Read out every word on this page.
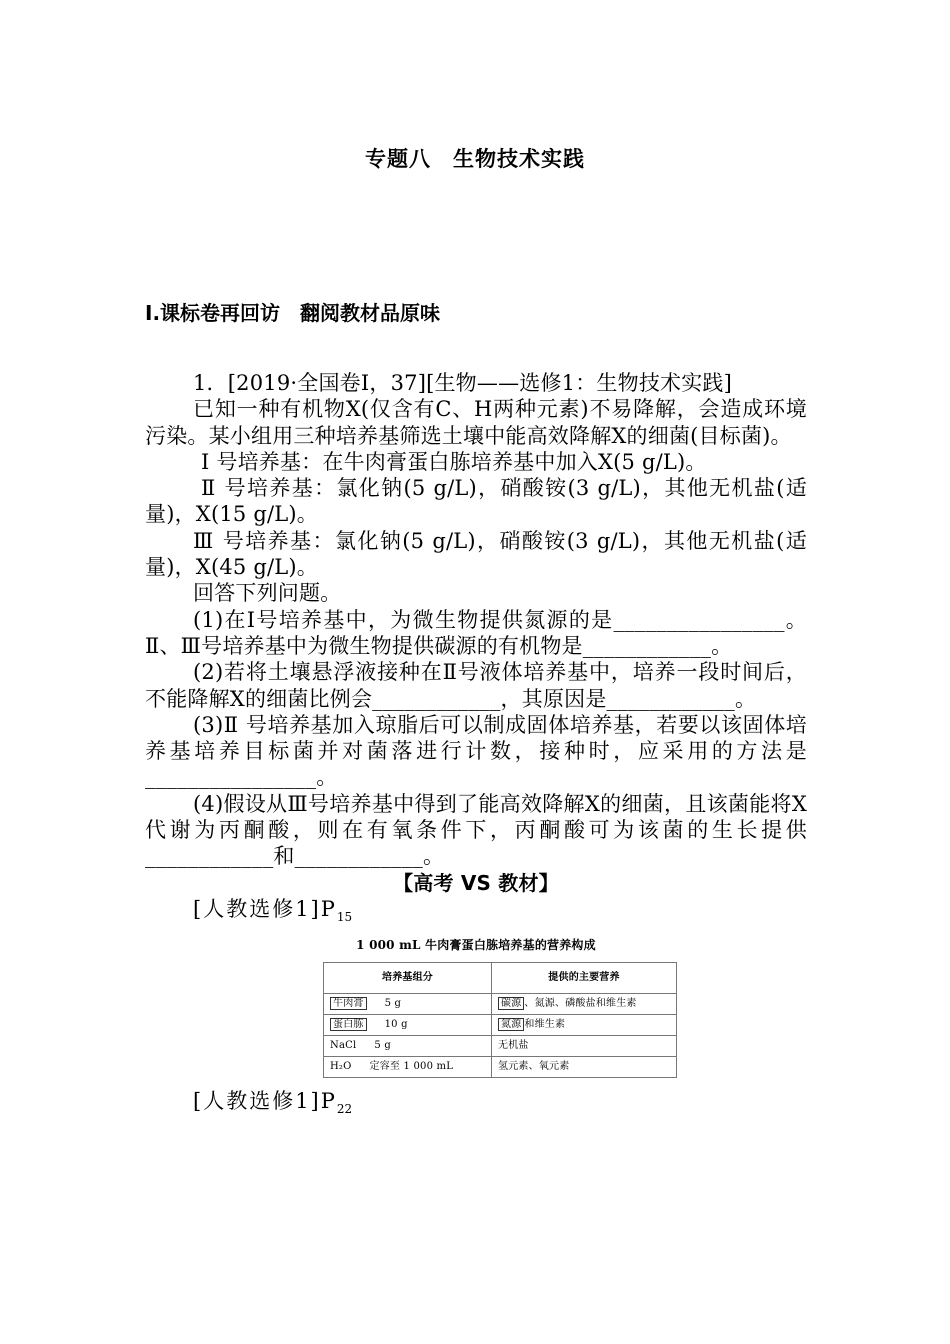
专题八　生物技术实践
Ⅰ.课标卷再回访　翻阅教材品原味

1．[2019·全国卷Ⅰ，37][生物——选修1：生物技术实践]

已知一种有机物X(仅含有C、H两种元素)不易降解，会造成环境污染。某小组用三种培养基筛选土壤中能高效降解X的细菌(目标菌)。

Ⅰ 号培养基：在牛肉膏蛋白胨培养基中加入X(5 g/L)。

Ⅱ 号培养基：氯化钠(5 g/L)，硝酸铵(3 g/L)，其他无机盐(适量)，X(15 g/L)。

Ⅲ 号培养基：氯化钠(5 g/L)，硝酸铵(3 g/L)，其他无机盐(适量)，X(45 g/L)。

回答下列问题。

(1)在Ⅰ号培养基中，为微生物提供氮源的是________________。Ⅱ、Ⅲ号培养基中为微生物提供碳源的有机物是____________。

(2)若将土壤悬浮液接种在Ⅱ号液体培养基中，培养一段时间后，不能降解X的细菌比例会____________，其原因是____________。

(3)Ⅱ 号培养基加入琼脂后可以制成固体培养基，若要以该固体培养基培养目标菌并对菌落进行计数，接种时，应采用的方法是________________。

(4)假设从Ⅲ号培养基中得到了能高效降解X的细菌，且该菌能将X代谢为丙酮酸，则在有氧条件下，丙酮酸可为该菌的生长提供____________和____________。

【高考 VS 教材】

[人教选修$1]P_{15}$

1 000 mL 牛肉膏蛋白胨培养基的营养构成

培养基组分	提供的主要营养
牛肉膏 5 g	碳源 、氮源、磷酸盐和维生素
蛋白胨 10 g	氮源 和维生素
NaCl 5 g	无机盐
H₂O 定容至 1 000 mL	氢元素、氧元素

[人教选修$1]P_{22}$
